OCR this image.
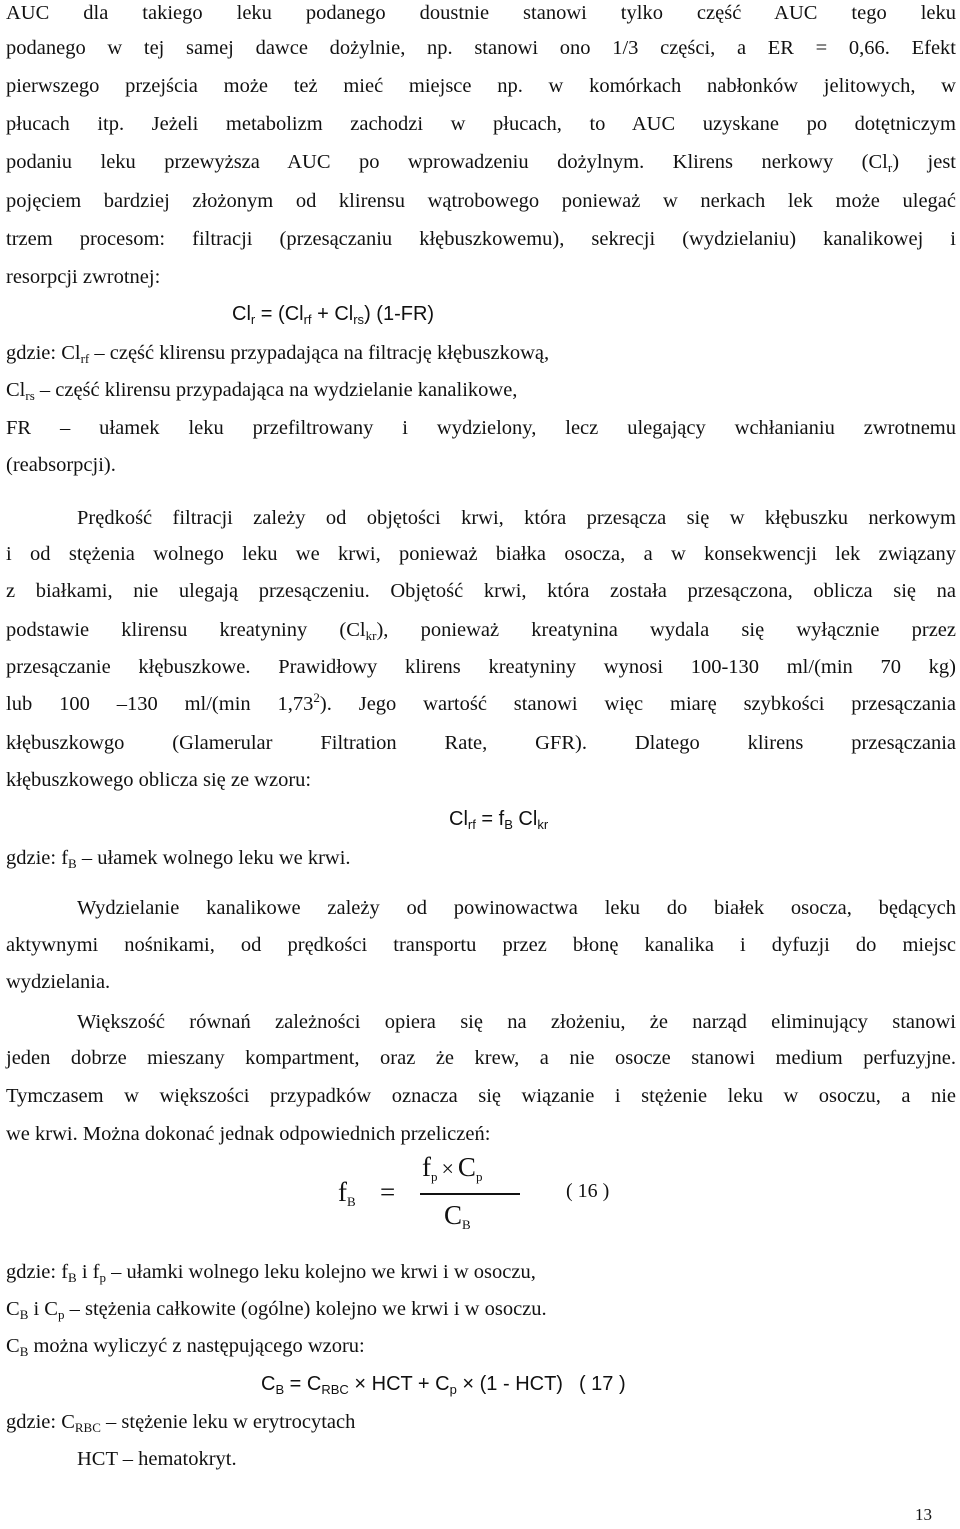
AUC dla takiego leku podanego doustnie stanowi tylko część AUC tego leku
podanego w tej samej dawce dożylnie, np. stanowi ono 1/3 części, a ER = 0,66. Efekt
pierwszego przejścia może też mieć miejsce np. w komórkach nabłonków jelitowych, w
płucach itp. Jeżeli metabolizm zachodzi w płucach, to AUC uzyskane po dotętniczym
podaniu leku przewyższa AUC po wprowadzeniu dożylnym. Klirens nerkowy $(Cl_r)$ jest
pojęciem bardziej złożonym od klirensu wątrobowego ponieważ w nerkach lek może ulegać
trzem procesom: filtracji (przesączaniu kłębuszkowemu), sekrecji (wydzielaniu) kanalikowej i
resorpcji zwrotnej:
$Cl_r = (Cl_{rf} + Cl_{rs})$ (1-FR)
gdzie: $Cl_{rf}$ – część klirensu przypadająca na filtrację kłębuszkową,
$Cl_{rs}$ – część klirensu przypadająca na wydzielanie kanalikowe,
FR – ułamek leku przefiltrowany i wydzielony, lecz ulegający wchłanianiu zwrotnemu
(reabsorpcji).
Prędkość filtracji zależy od objętości krwi, która przesącza się w kłębuszku nerkowym
i od stężenia wolnego leku we krwi, ponieważ białka osocza, a w konsekwencji lek związany
z białkami, nie ulegają przesączeniu. Objętość krwi, która została przesączona, oblicza się na
podstawie klirensu kreatyniny $(Cl_{kr})$, ponieważ kreatynina wydala się wyłącznie przez
przesączanie kłębuszkowe. Prawidłowy klirens kreatyniny wynosi 100-130 ml/(min 70 kg)
lub 100 –130 ml/(min 1,73$^2$). Jego wartość stanowi więc miarę szybkości przesączania
kłębuszkowgo (Glamerular Filtration Rate, GFR). Dlatego klirens przesączania
kłębuszkowego oblicza się ze wzoru:
$Cl_{rf} = f_B$ $Cl_{kr}$
gdzie: $f_B$ – ułamek wolnego leku we krwi.
Wydzielanie kanalikowe zależy od powinowactwa leku do białek osocza, będących
aktywnymi nośnikami, od prędkości transportu przez błonę kanalika i dyfuzji do miejsc
wydzielania.
Większość równań zależności opiera się na złożeniu, że narząd eliminujący stanowi
jeden dobrze mieszany kompartment, oraz że krew, a nie osocze stanowi medium perfuzyjne.
Tymczasem w większości przypadków oznacza się wiązanie i stężenie leku w osoczu, a nie
we krwi. Można dokonać jednak odpowiednich przeliczeń:
fB =
fp × Cp
CB
( 16 )
gdzie: $f_B$ i $f_p$ – ułamki wolnego leku kolejno we krwi i w osoczu,
$C_B$ i $C_p$ – stężenia całkowite (ogólne) kolejno we krwi i w osoczu.
$C_B$ można wyliczyć z następującego wzoru:
$C_B = C_{RBC}$ × HCT + $C_p \times (1 - HCT)$ ( 17 )
gdzie: $C_{RBC}$ – stężenie leku w erytrocytach
HCT – hematokryt.
13
